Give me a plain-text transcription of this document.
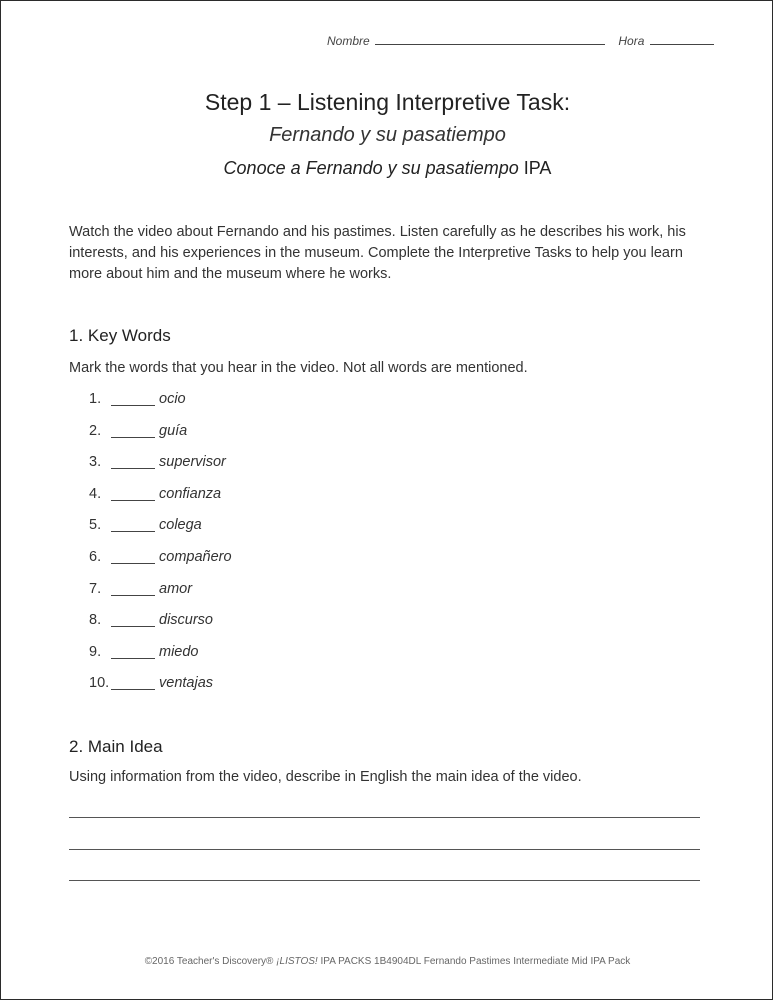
Nombre	Hora
Step 1 – Listening Interpretive Task:
Fernando y su pasatiempo
Conoce a Fernando y su pasatiempo IPA
Watch the video about Fernando and his pastimes. Listen carefully as he describes his work, his interests, and his experiences in the museum. Complete the Interpretive Tasks to help you learn more about him and the museum where he works.
1. Key Words
Mark the words that you hear in the video. Not all words are mentioned.
1.	ocio
2.	guía
3.	supervisor
4.	confianza
5.	colega
6.	compañero
7.	amor
8.	discurso
9.	miedo
10.	ventajas
2. Main Idea
Using information from the video, describe in English the main idea of the video.
©2016 Teacher's Discovery® ¡LISTOS! IPA PACKS 1B4904DL Fernando Pastimes Intermediate Mid IPA Pack
